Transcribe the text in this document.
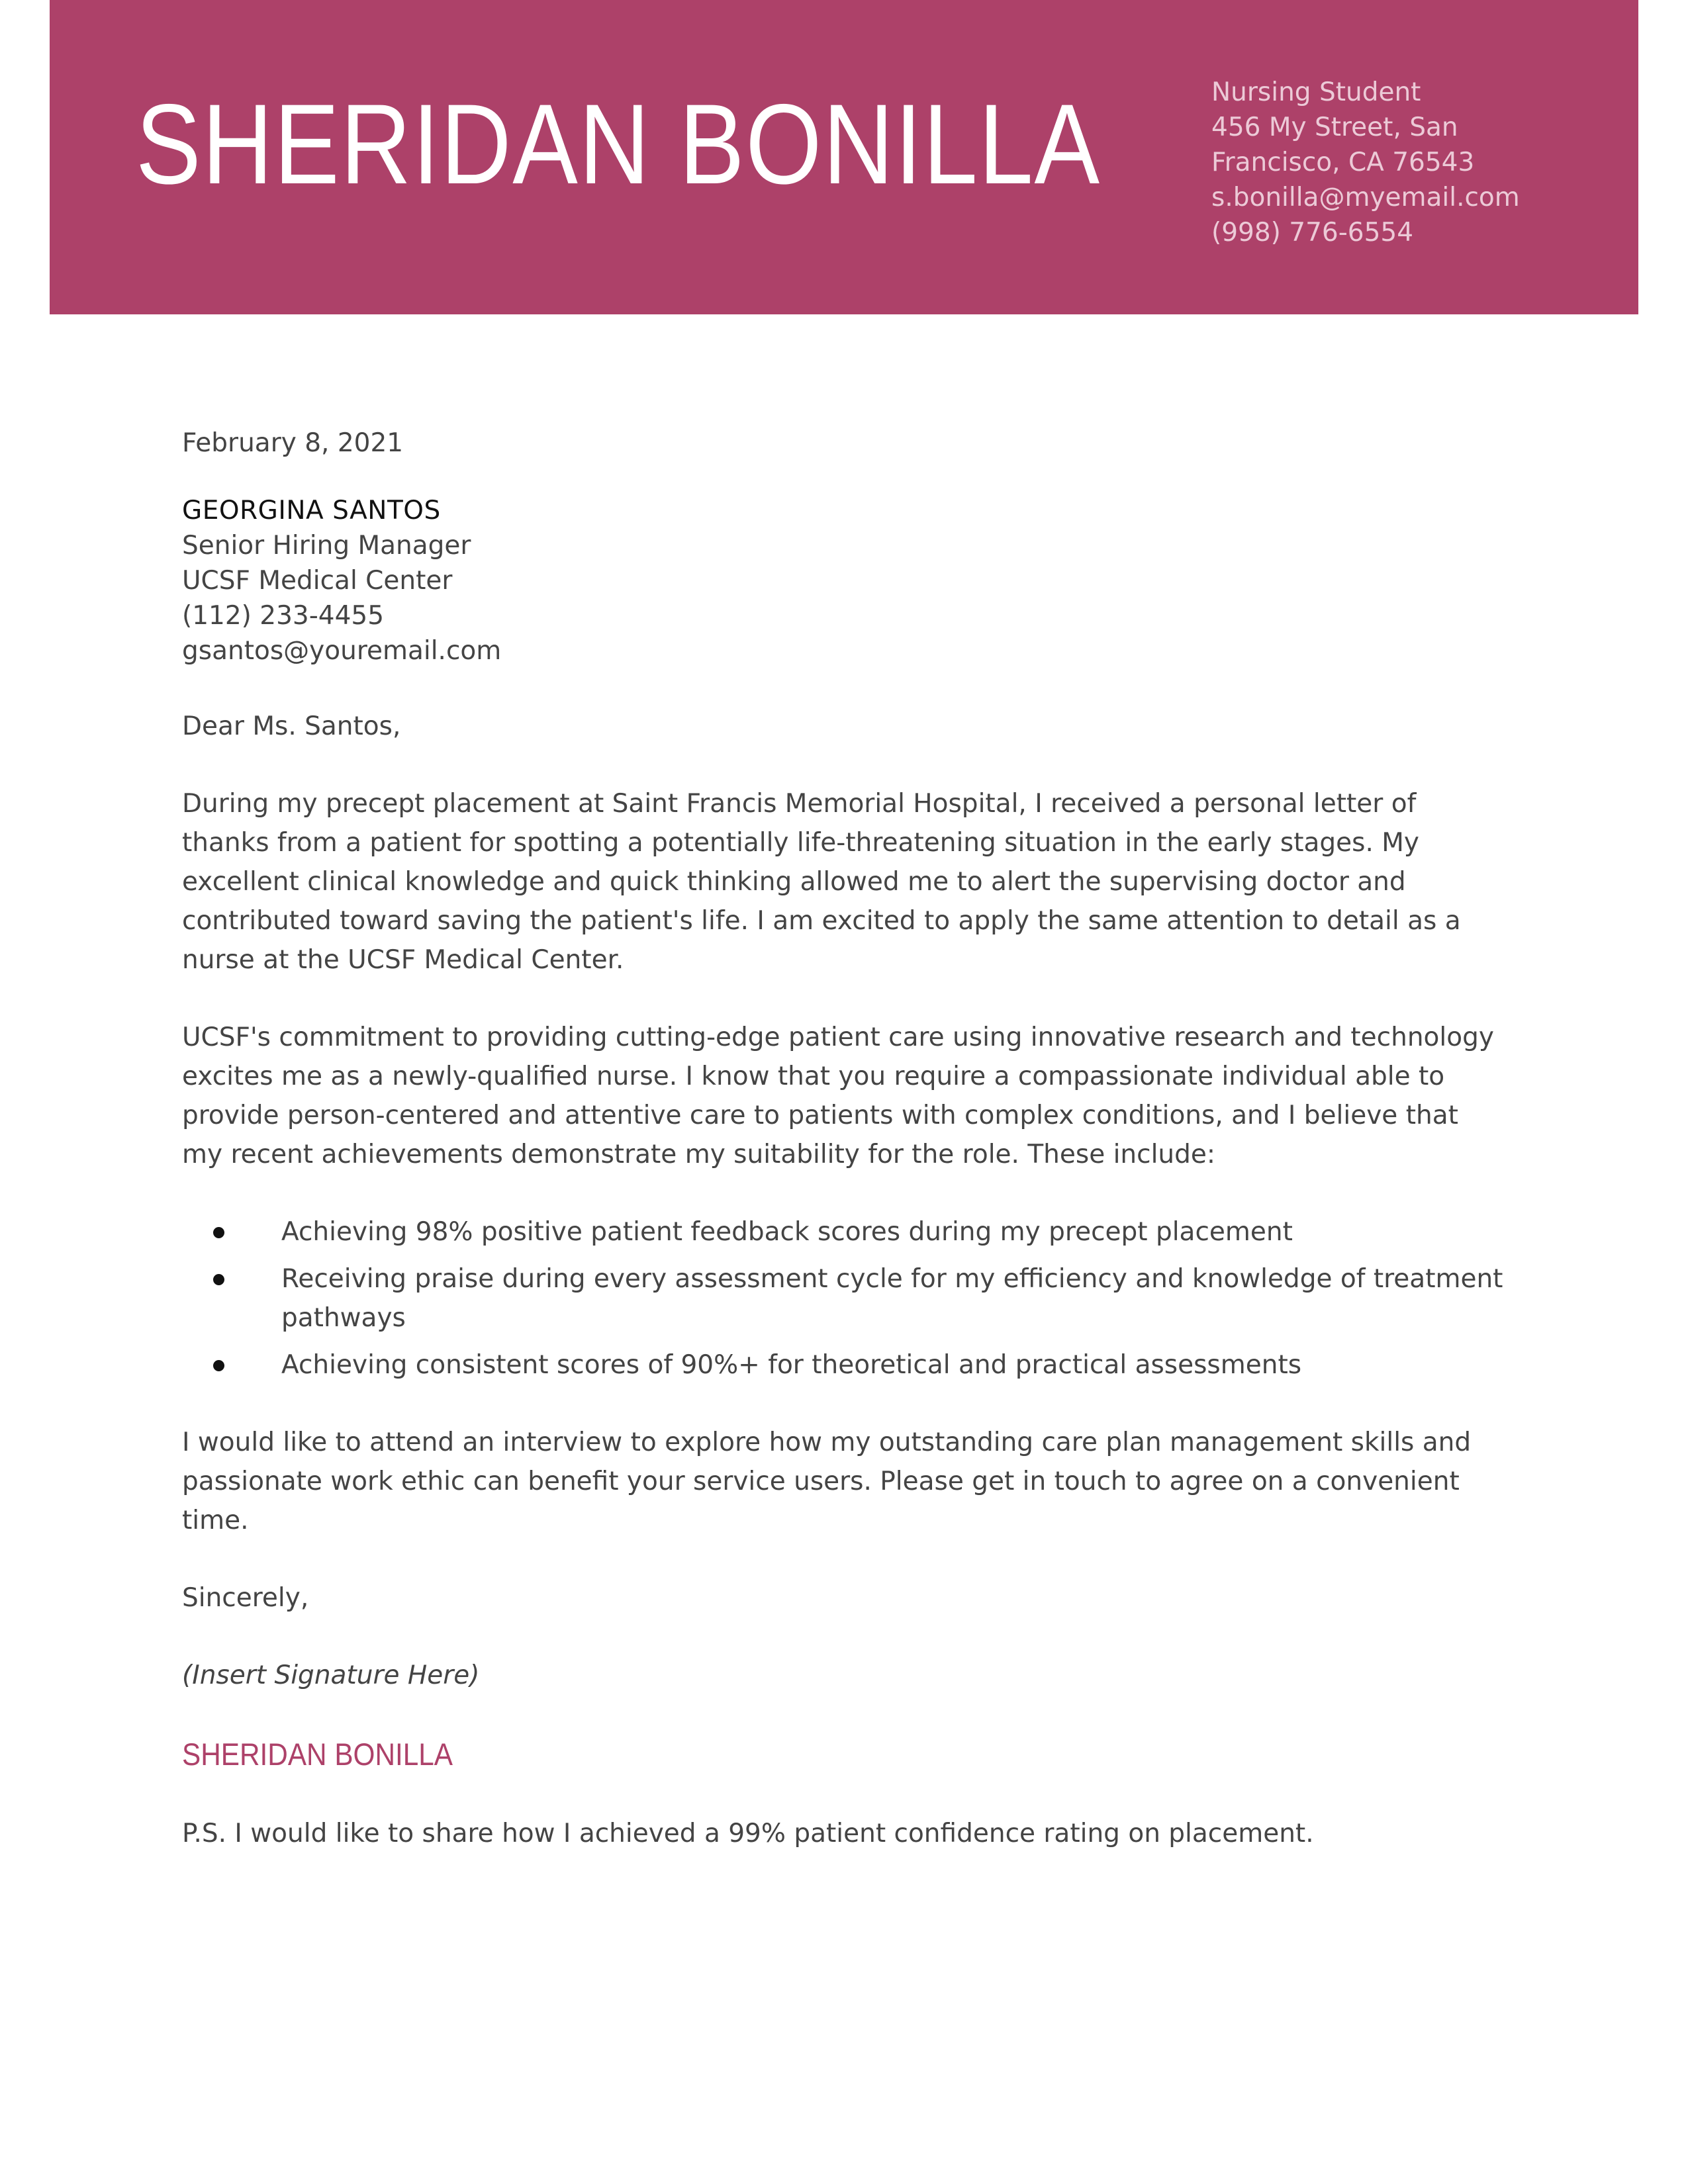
SHERIDAN BONILLA	Nursing Student
456 My Street, San
Francisco, CA 76543
s.bonilla@myemail.com
(998) 776-6554

February 8, 2021

GEORGINA SANTOS
Senior Hiring Manager
UCSF Medical Center
(112) 233-4455
gsantos@youremail.com

Dear Ms. Santos,

During my precept placement at Saint Francis Memorial Hospital, I received a personal letter of thanks from a patient for spotting a potentially life-threatening situation in the early stages. My excellent clinical knowledge and quick thinking allowed me to alert the supervising doctor and contributed toward saving the patient's life. I am excited to apply the same attention to detail as a nurse at the UCSF Medical Center.

UCSF's commitment to providing cutting-edge patient care using innovative research and technology excites me as a newly-qualified nurse. I know that you require a compassionate individual able to provide person-centered and attentive care to patients with complex conditions, and I believe that my recent achievements demonstrate my suitability for the role. These include:

Achieving 98% positive patient feedback scores during my precept placement
Receiving praise during every assessment cycle for my efficiency and knowledge of treatment pathways
Achieving consistent scores of 90%+ for theoretical and practical assessments

I would like to attend an interview to explore how my outstanding care plan management skills and passionate work ethic can benefit your service users. Please get in touch to agree on a convenient time.

Sincerely,

(Insert Signature Here)

SHERIDAN BONILLA

P.S. I would like to share how I achieved a 99% patient confidence rating on placement.
